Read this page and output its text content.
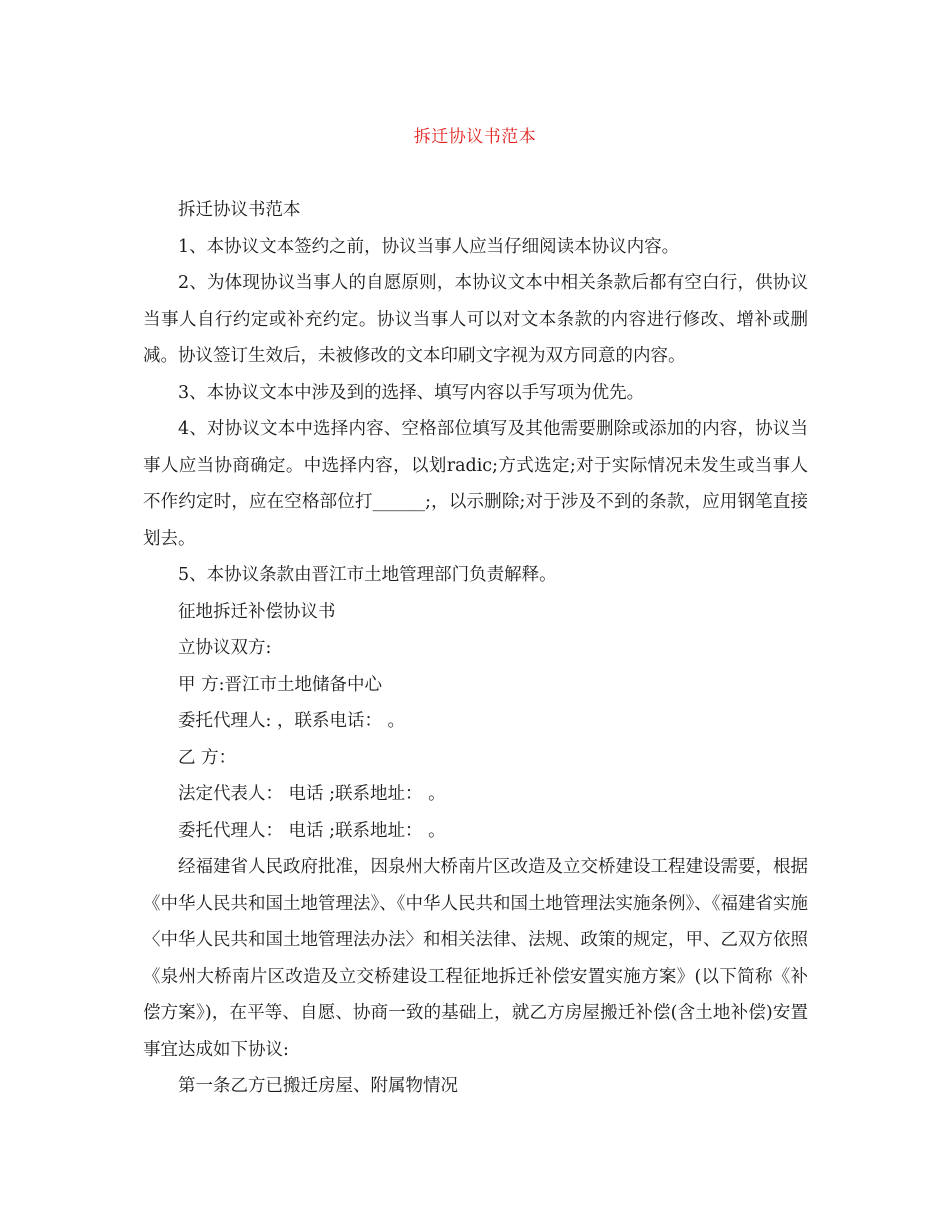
拆迁协议书范本

拆迁协议书范本

1、本协议文本签约之前，协议当事人应当仔细阅读本协议内容。

2、为体现协议当事人的自愿原则，本协议文本中相关条款后都有空白行，供协议当事人自行约定或补充约定。协议当事人可以对文本条款的内容进行修改、增补或删减。协议签订生效后，未被修改的文本印刷文字视为双方同意的内容。

3、本协议文本中涉及到的选择、填写内容以手写项为优先。

4、对协议文本中选择内容、空格部位填写及其他需要删除或添加的内容，协议当事人应当协商确定。中选择内容，以划radic;方式选定;对于实际情况未发生或当事人不作约定时，应在空格部位打______;，以示删除;对于涉及不到的条款，应用钢笔直接划去。

5、本协议条款由晋江市土地管理部门负责解释。

征地拆迁补偿协议书

立协议双方:

甲 方:晋江市土地储备中心

委托代理人: ，联系电话： 。

乙 方：

法定代表人： 电话 ;联系地址： 。

委托代理人： 电话 ;联系地址： 。

经福建省人民政府批准，因泉州大桥南片区改造及立交桥建设工程建设需要，根据《中华人民共和国土地管理法》、《中华人民共和国土地管理法实施条例》、《福建省实施〈中华人民共和国土地管理法办法〉和相关法律、法规、政策的规定，甲、乙双方依照《泉州大桥南片区改造及立交桥建设工程征地拆迁补偿安置实施方案》(以下简称《补偿方案》)，在平等、自愿、协商一致的基础上，就乙方房屋搬迁补偿(含土地补偿)安置事宜达成如下协议:

第一条乙方已搬迁房屋、附属物情况
